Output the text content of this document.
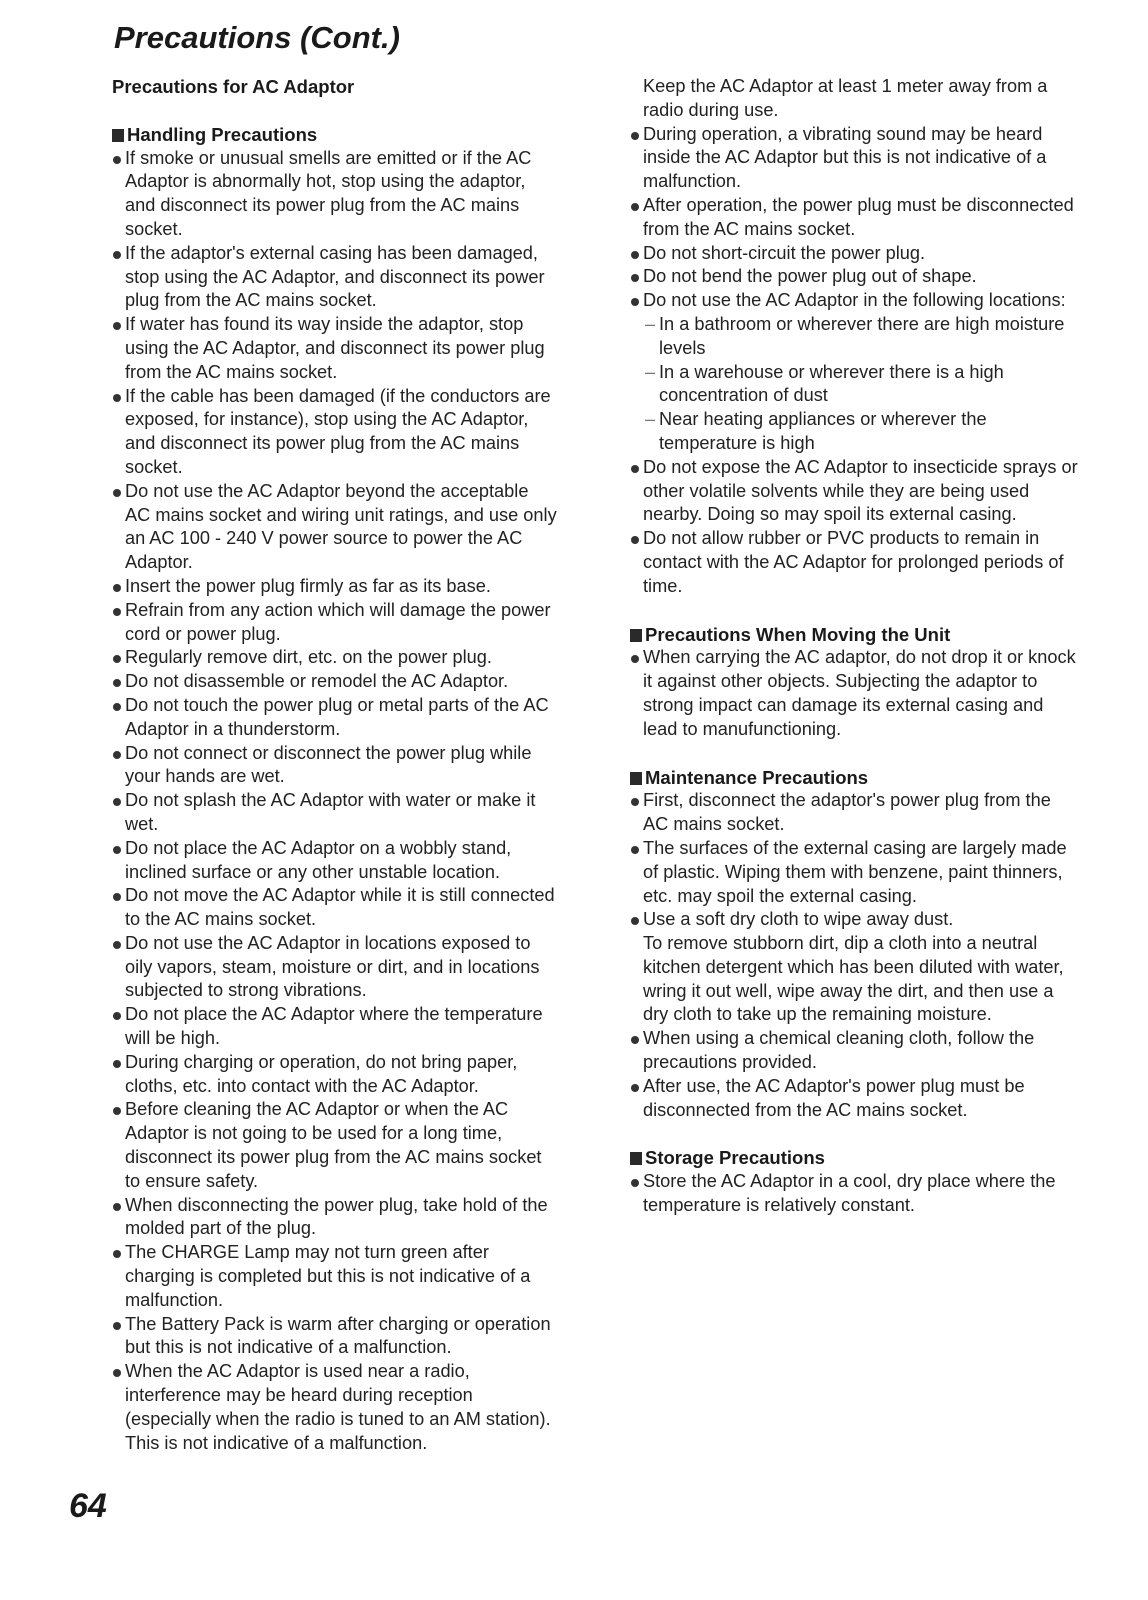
Precautions (Cont.)
Precautions for AC Adaptor
Handling Precautions
If smoke or unusual smells are emitted or if the AC Adaptor is abnormally hot, stop using the adaptor, and disconnect its power plug from the AC mains socket.
If the adaptor's external casing has been damaged, stop using the AC Adaptor, and disconnect its power plug from the AC mains socket.
If water has found its way inside the adaptor, stop using the AC Adaptor, and disconnect its power plug from the AC mains socket.
If the cable has been damaged (if the conductors are exposed, for instance), stop using the AC Adaptor, and disconnect its power plug from the AC mains socket.
Do not use the AC Adaptor beyond the acceptable AC mains socket and wiring unit ratings, and use only an AC 100 - 240 V power source to power the AC Adaptor.
Insert the power plug firmly as far as its base.
Refrain from any action which will damage the power cord or power plug.
Regularly remove dirt, etc. on the power plug.
Do not disassemble or remodel the AC Adaptor.
Do not touch the power plug or metal parts of the AC Adaptor in a thunderstorm.
Do not connect or disconnect the power plug while your hands are wet.
Do not splash the AC Adaptor with water or make it wet.
Do not place the AC Adaptor on a wobbly stand, inclined surface or any other unstable location.
Do not move the AC Adaptor while it is still connected to the AC mains socket.
Do not use the AC Adaptor in locations exposed to oily vapors, steam, moisture or dirt, and in locations subjected to strong vibrations.
Do not place the AC Adaptor where the temperature will be high.
During charging or operation, do not bring paper, cloths, etc. into contact with the AC Adaptor.
Before cleaning the AC Adaptor or when the AC Adaptor is not going to be used for a long time, disconnect its power plug from the AC mains socket to ensure safety.
When disconnecting the power plug, take hold of the molded part of the plug.
The CHARGE Lamp may not turn green after charging is completed but this is not indicative of a malfunction.
The Battery Pack is warm after charging or operation but this is not indicative of a malfunction.
When the AC Adaptor is used near a radio, interference may be heard during reception (especially when the radio is tuned to an AM station). This is not indicative of a malfunction.
Keep the AC Adaptor at least 1 meter away from a radio during use.
During operation, a vibrating sound may be heard inside the AC Adaptor but this is not indicative of a malfunction.
After operation, the power plug must be disconnected from the AC mains socket.
Do not short-circuit the power plug.
Do not bend the power plug out of shape.
Do not use the AC Adaptor in the following locations:
– In a bathroom or wherever there are high moisture levels
– In a warehouse or wherever there is a high concentration of dust
– Near heating appliances or wherever the temperature is high
Do not expose the AC Adaptor to insecticide sprays or other volatile solvents while they are being used nearby. Doing so may spoil its external casing.
Do not allow rubber or PVC products to remain in contact with the AC Adaptor for prolonged periods of time.
Precautions When Moving the Unit
When carrying the AC adaptor, do not drop it or knock it against other objects. Subjecting the adaptor to strong impact can damage its external casing and lead to manufunctioning.
Maintenance Precautions
First, disconnect the adaptor's power plug from the AC mains socket.
The surfaces of the external casing are largely made of plastic. Wiping them with benzene, paint thinners, etc. may spoil the external casing.
Use a soft dry cloth to wipe away dust.
To remove stubborn dirt, dip a cloth into a neutral kitchen detergent which has been diluted with water, wring it out well, wipe away the dirt, and then use a dry cloth to take up the remaining moisture.
When using a chemical cleaning cloth, follow the precautions provided.
After use, the AC Adaptor's power plug must be disconnected from the AC mains socket.
Storage Precautions
Store the AC Adaptor in a cool, dry place where the temperature is relatively constant.
64
